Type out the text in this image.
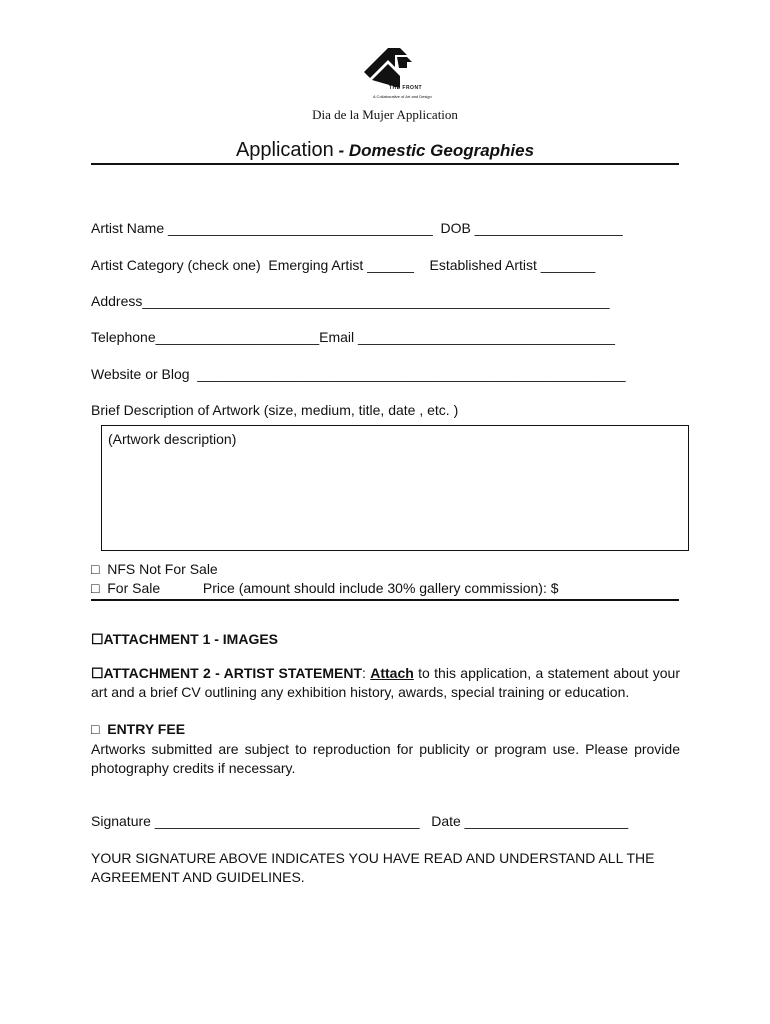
THE FRONT
A Collaborative of Art and Design
Dia de la Mujer Application
Application - Domestic Geographies
Artist Name __________________________________  DOB ___________________
Artist Category (check one)  Emerging Artist ______    Established Artist _______
Address____________________________________________________________
Telephone_____________________Email _________________________________
Website or Blog  _______________________________________________________
Brief Description of Artwork (size, medium, title, date , etc. )
(Artwork description)
□  NFS Not For Sale
□  For Sale           Price (amount should include 30% gallery commission): $
☐ATTACHMENT 1 - IMAGES
☐ATTACHMENT 2 - ARTIST STATEMENT: Attach to this application, a statement about your art and a brief CV outlining any exhibition history, awards, special training or education.
□  ENTRY FEE
Artworks submitted are subject to reproduction for publicity or program use. Please provide photography credits if necessary.
Signature __________________________________   Date _____________________
YOUR SIGNATURE ABOVE INDICATES YOU HAVE READ AND UNDERSTAND ALL THE AGREEMENT AND GUIDELINES.
